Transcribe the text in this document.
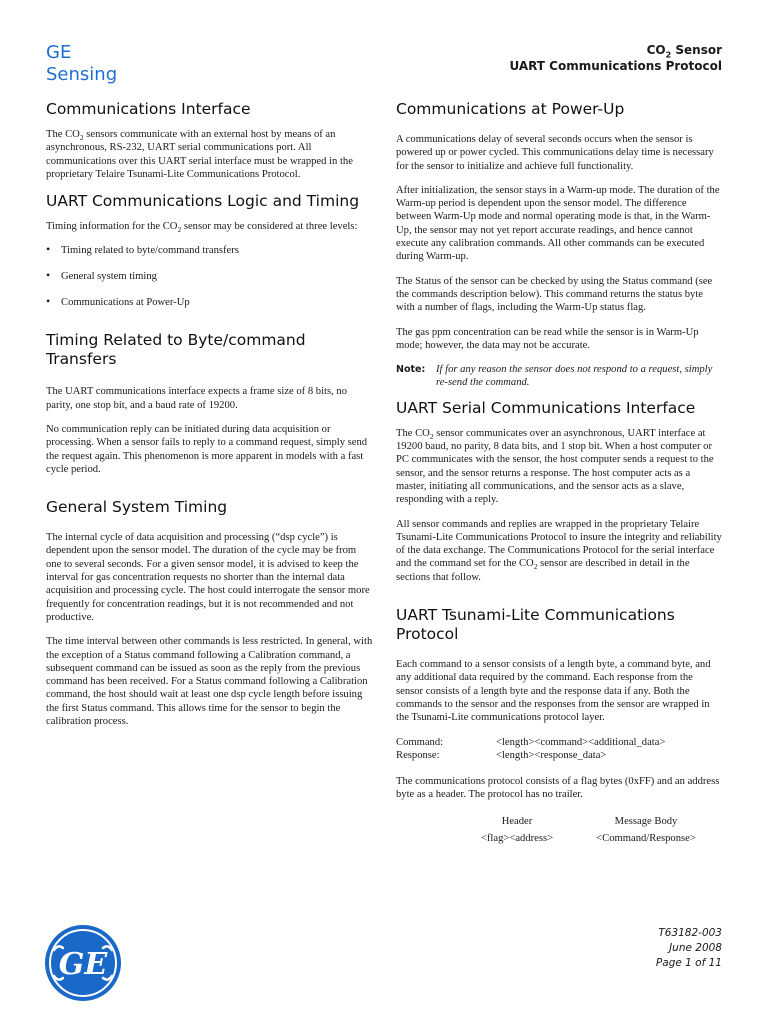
GE
Sensing
$CO_2$ Sensor
UART Communications Protocol
Communications Interface

The $CO_2$ sensors communicate with an external host by means of an asynchronous, RS-232, UART serial communications port. All communications over this UART serial interface must be wrapped in the proprietary Telaire Tsunami-Lite Communications Protocol.

UART Communications Logic and Timing

Timing information for the $CO_2$ sensor may be considered at three levels:

• Timing related to byte/command transfers
• General system timing
• Communications at Power-Up
Timing Related to Byte/command Transfers

The UART communications interface expects a frame size of 8 bits, no parity, one stop bit, and a baud rate of 19200.

No communication reply can be initiated during data acquisition or processing. When a sensor fails to reply to a command request, simply send the request again. This phenomenon is more apparent in models with a fast cycle period.

General System Timing

The internal cycle of data acquisition and processing (“dsp cycle”) is dependent upon the sensor model. The duration of the cycle may be from one to several seconds. For a given sensor model, it is advised to keep the interval for gas concentration requests no shorter than the internal data acquisition and processing cycle. The host could interrogate the sensor more frequently for concentration readings, but it is not recommended and not productive.

The time interval between other commands is less restricted. In general, with the exception of a Status command following a Calibration command, a subsequent command can be issued as soon as the reply from the previous command has been received. For a Status command following a Calibration command, the host should wait at least one dsp cycle length before issuing the first Status command. This allows time for the sensor to begin the calibration process.

Communications at Power-Up

A communications delay of several seconds occurs when the sensor is powered up or power cycled. This communications delay time is necessary for the sensor to initialize and achieve full functionality.

After initialization, the sensor stays in a Warm-up mode. The duration of the Warm-up period is dependent upon the sensor model. The difference between Warm-Up mode and normal operating mode is that, in the Warm-Up, the sensor may not yet report accurate readings, and hence cannot execute any calibration commands. All other commands can be executed during Warm-up.

The Status of the sensor can be checked by using the Status command (see the commands description below). This command returns the status byte with a number of flags, including the Warm-Up status flag.

The gas ppm concentration can be read while the sensor is in Warm-Up mode; however, the data may not be accurate.

Note:	If for any reason the sensor does not respond to a request, simply re-send the command.
UART Serial Communications Interface

The $CO_2$ sensor communicates over an asynchronous, UART interface at 19200 baud, no parity, 8 data bits, and 1 stop bit. When a host computer or PC communicates with the sensor, the host computer sends a request to the sensor, and the sensor returns a response. The host computer acts as a master, initiating all communications, and the sensor acts as a slave, responding with a reply.

All sensor commands and replies are wrapped in the proprietary Telaire Tsunami-Lite Communications Protocol to insure the integrity and reliability of the data exchange. The Communications Protocol for the serial interface and the command set for the $CO_2$ sensor are described in detail in the sections that follow.

UART Tsunami-Lite Communications Protocol

Each command to a sensor consists of a length byte, a command byte, and any additional data required by the command. Each response from the sensor consists of a length byte and the response data if any. Both the commands to the sensor and the responses from the sensor are wrapped in the Tsunami-Lite communications protocol layer.

Command:	<length><command><additional_data>
Response:	<length><response_data>

The communications protocol consists of a flag bytes (0xFF) and an address byte as a header. The protocol has no trailer.

Header	Message Body
<flag><address>	<Command/Response>
GE
T63182-003
June 2008
Page 1 of 11
